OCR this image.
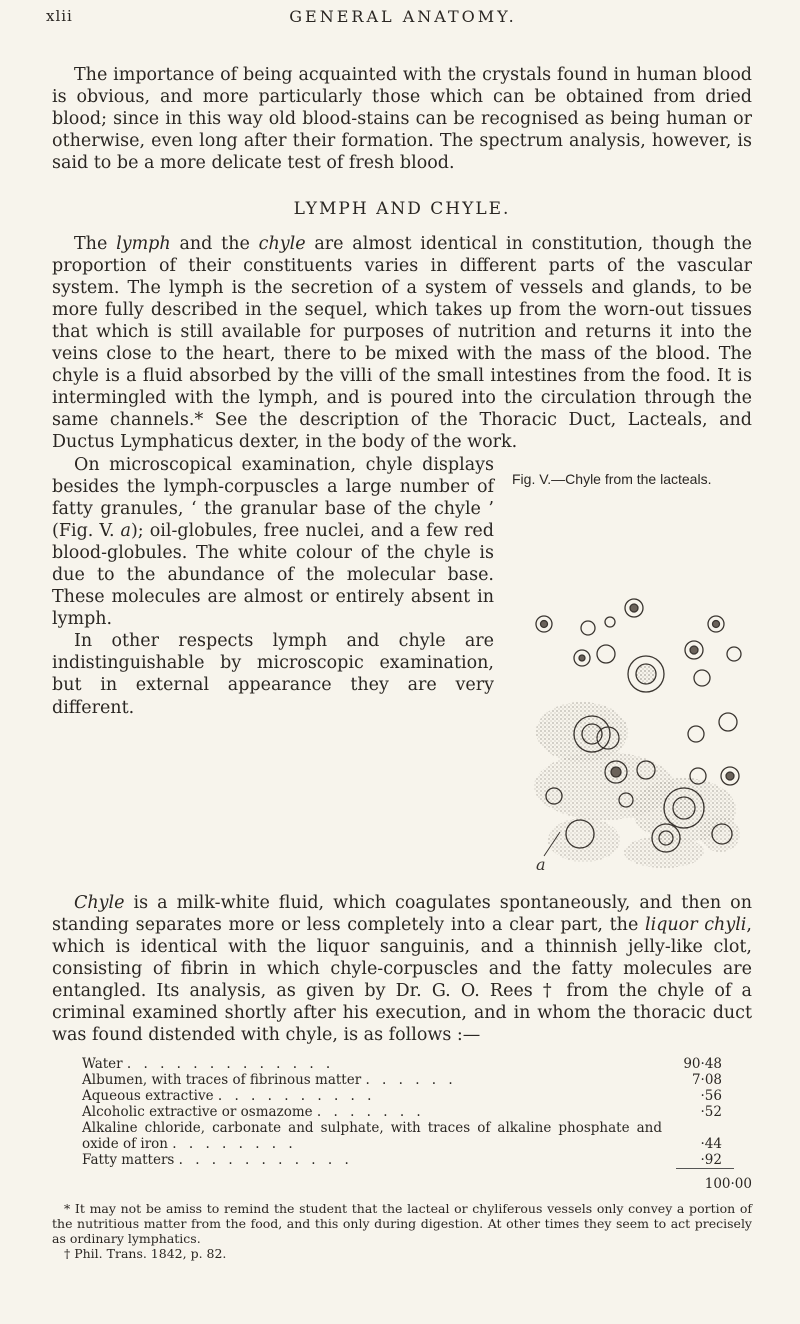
xlii	GENERAL ANATOMY.

The importance of being acquainted with the crystals found in human blood is obvious, and more particularly those which can be obtained from dried blood; since in this way old blood-stains can be recognised as being human or otherwise, even long after their formation. The spectrum analysis, however, is said to be a more delicate test of fresh blood.

LYMPH AND CHYLE.

The lymph and the chyle are almost identical in constitution, though the proportion of their constituents varies in different parts of the vascular system. The lymph is the secretion of a system of vessels and glands, to be more fully described in the sequel, which takes up from the worn-out tissues that which is still available for purposes of nutrition and returns it into the veins close to the heart, there to be mixed with the mass of the blood. The chyle is a fluid absorbed by the villi of the small intestines from the food. It is intermingled with the lymph, and is poured into the circulation through the same channels.* See the description of the Thoracic Duct, Lacteals, and Ductus Lymphaticus dexter, in the body of the work.

Fig. V.—Chyle from the lacteals.
a

On microscopical examination, chyle displays besides the lymph-corpuscles a large number of fatty granules, ‘ the granular base of the chyle ’ (Fig. V. a); oil-globules, free nuclei, and a few red blood-globules. The white colour of the chyle is due to the abundance of the molecular base. These molecules are almost or entirely absent in lymph.

In other respects lymph and chyle are indistinguishable by microscopic examination, but in external appearance they are very different.

Chyle is a milk-white fluid, which coagulates spontaneously, and then on standing separates more or less completely into a clear part, the liquor chyli, which is identical with the liquor sanguinis, and a thinnish jelly-like clot, consisting of fibrin in which chyle-corpuscles and the fatty molecules are entangled. Its analysis, as given by Dr. G. O. Rees † from the chyle of a criminal examined shortly after his execution, and in whom the thoracic duct was found distended with chyle, is as follows :—

Water . . . . . . . . . . . . .	90·48
Albumen, with traces of fibrinous matter . . . . . .	7·08
Aqueous extractive . . . . . . . . . .	·56
Alcoholic extractive or osmazome . . . . . . .	·52
Alkaline chloride, carbonate and sulphate, with traces of alkaline phosphate and oxide of iron . . . . . . . .	·44
Fatty matters . . . . . . . . . . .	·92
100·00

* It may not be amiss to remind the student that the lacteal or chyliferous vessels only convey a portion of the nutritious matter from the food, and this only during digestion. At other times they seem to act precisely as ordinary lymphatics.

† Phil. Trans. 1842, p. 82.
